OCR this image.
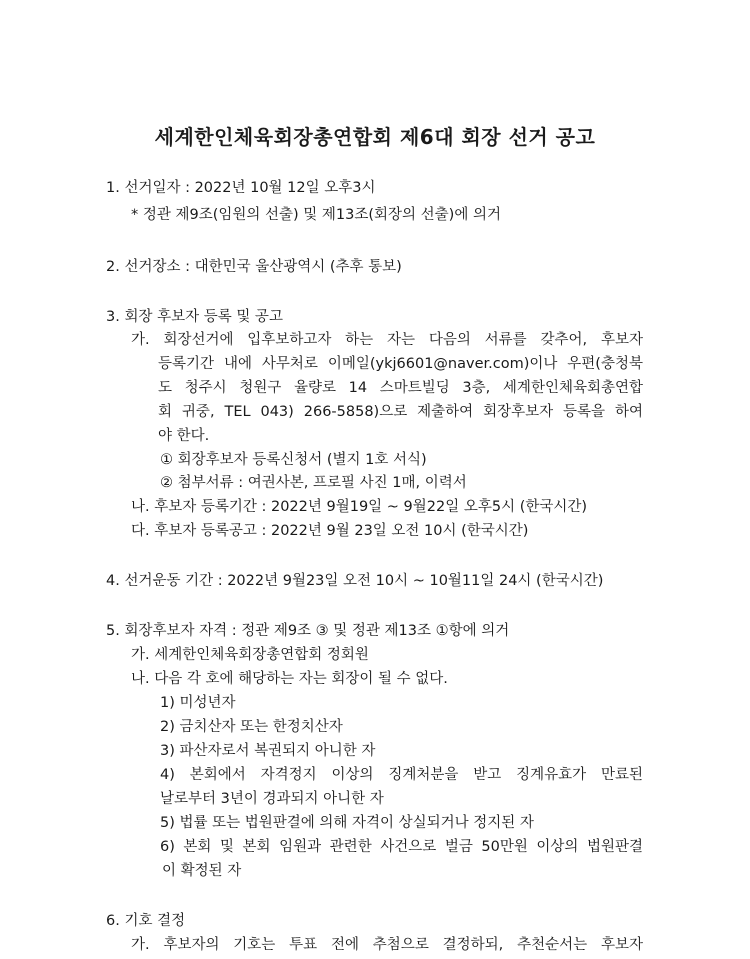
세계한인체육회장총연합회 제6대 회장 선거 공고
1. 선거일자 : 2022년 10월 12일 오후3시
* 정관 제9조(임원의 선출) 및 제13조(회장의 선출)에 의거
2. 선거장소 : 대한민국 울산광역시 (추후 통보)
3. 회장 후보자 등록 및 공고
가. 회장선거에 입후보하고자 하는 자는 다음의 서류를 갖추어, 후보자
등록기간 내에 사무처로 이메일(ykj6601@naver.com)이나 우편(충청북
도 청주시 청원구 율량로 14 스마트빌딩 3층, 세계한인체육회총연합
회 귀중, TEL 043) 266-5858)으로 제출하여 회장후보자 등록을 하여
야 한다.
① 회장후보자 등록신청서 (별지 1호 서식)
② 첨부서류 : 여권사본, 프로필 사진 1매, 이력서
나. 후보자 등록기간 : 2022년 9월19일 ~ 9월22일 오후5시 (한국시간)
다. 후보자 등록공고 : 2022년 9월 23일 오전 10시 (한국시간)
4. 선거운동 기간 : 2022년 9월23일 오전 10시 ~ 10월11일 24시 (한국시간)
5. 회장후보자 자격 : 정관 제9조 ③ 및 정관 제13조 ①항에 의거
가. 세계한인체육회장총연합회 정회원
나. 다음 각 호에 해당하는 자는 회장이 될 수 없다.
1) 미성년자
2) 금치산자 또는 한정치산자
3) 파산자로서 복권되지 아니한 자
4) 본회에서 자격정지 이상의 징계처분을 받고 징계유효가 만료된
날로부터 3년이 경과되지 아니한 자
5) 법률 또는 법원판결에 의해 자격이 상실되거나 정지된 자
6) 본회 및 본회 임원과 관련한 사건으로 벌금 50만원 이상의 법원판결
이 확정된 자
6. 기호 결정
가. 후보자의 기호는 투표 전에 추첨으로 결정하되, 추천순서는 후보자
